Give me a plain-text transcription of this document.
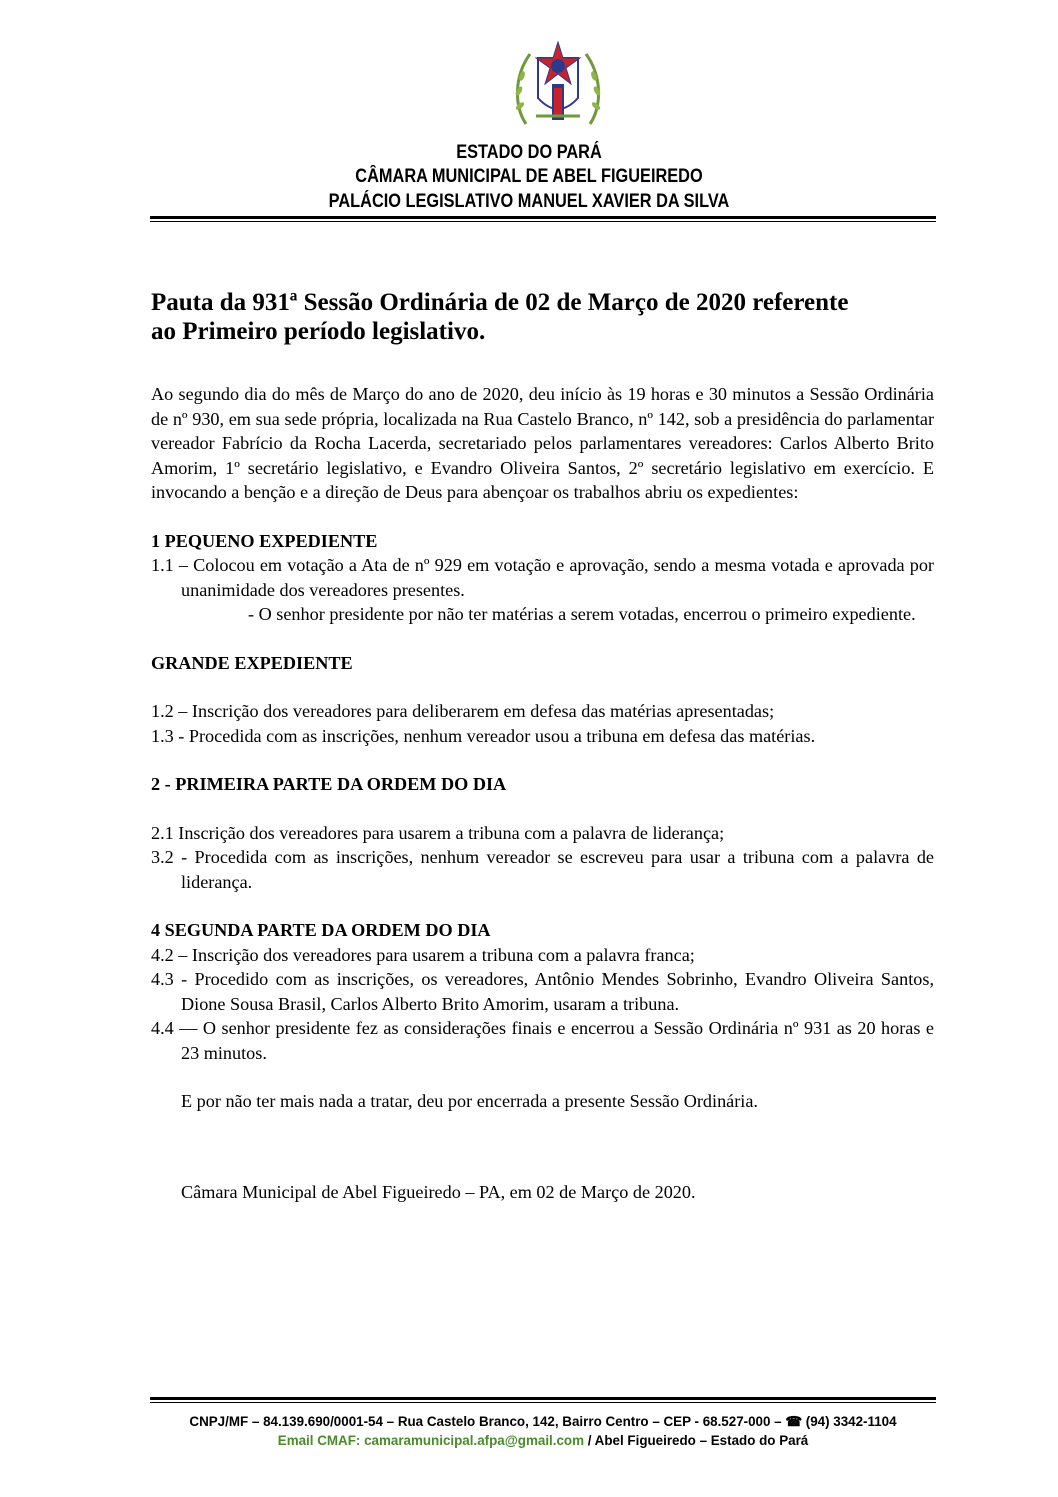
ESTADO DO PARÁ
CÂMARA MUNICIPAL DE ABEL FIGUEIREDO
PALÁCIO LEGISLATIVO MANUEL XAVIER DA SILVA
Pauta da 931ª Sessão Ordinária de 02 de Março de 2020 referente
ao Primeiro período legislativo.
Ao segundo dia do mês de Março do ano de 2020, deu início às 19 horas e 30 minutos a Sessão Ordinária de nº 930, em sua sede própria, localizada na Rua Castelo Branco, nº 142, sob a presidência do parlamentar vereador Fabrício da Rocha Lacerda, secretariado pelos parlamentares vereadores: Carlos Alberto Brito Amorim, 1º secretário legislativo, e Evandro Oliveira Santos, 2º secretário legislativo em exercício. E invocando a benção e a direção de Deus para abençoar os trabalhos abriu os expedientes:
1 PEQUENO EXPEDIENTE
1.1 – Colocou em votação a Ata de nº 929 em votação e aprovação, sendo a mesma votada e aprovada por unanimidade dos vereadores presentes.
- O senhor presidente por não ter matérias a serem votadas, encerrou o primeiro expediente.
GRANDE EXPEDIENTE
1.2 – Inscrição dos vereadores para deliberarem em defesa das matérias apresentadas;
1.3 - Procedida com as inscrições, nenhum vereador usou a tribuna em defesa das matérias.
2 - PRIMEIRA PARTE DA ORDEM DO DIA
2.1 Inscrição dos vereadores para usarem a tribuna com a palavra de liderança;
3.2 - Procedida com as inscrições, nenhum vereador se escreveu para usar a tribuna com a palavra de liderança.
4 SEGUNDA PARTE DA ORDEM DO DIA
4.2 – Inscrição dos vereadores para usarem a tribuna com a palavra franca;
4.3 - Procedido com as inscrições, os vereadores, Antônio Mendes Sobrinho, Evandro Oliveira Santos, Dione Sousa Brasil, Carlos Alberto Brito Amorim, usaram a tribuna.
4.4 — O senhor presidente fez as considerações finais e encerrou a Sessão Ordinária nº 931 as 20 horas e 23 minutos.
E por não ter mais nada a tratar, deu por encerrada a presente Sessão Ordinária.
Câmara Municipal de Abel Figueiredo – PA, em 02 de Março de 2020.
CNPJ/MF – 84.139.690/0001-54 – Rua Castelo Branco, 142, Bairro Centro – CEP - 68.527-000 – ☎ (94) 3342-1104
Email CMAF: camaramunicipal.afpa@gmail.com / Abel Figueiredo – Estado do Pará
